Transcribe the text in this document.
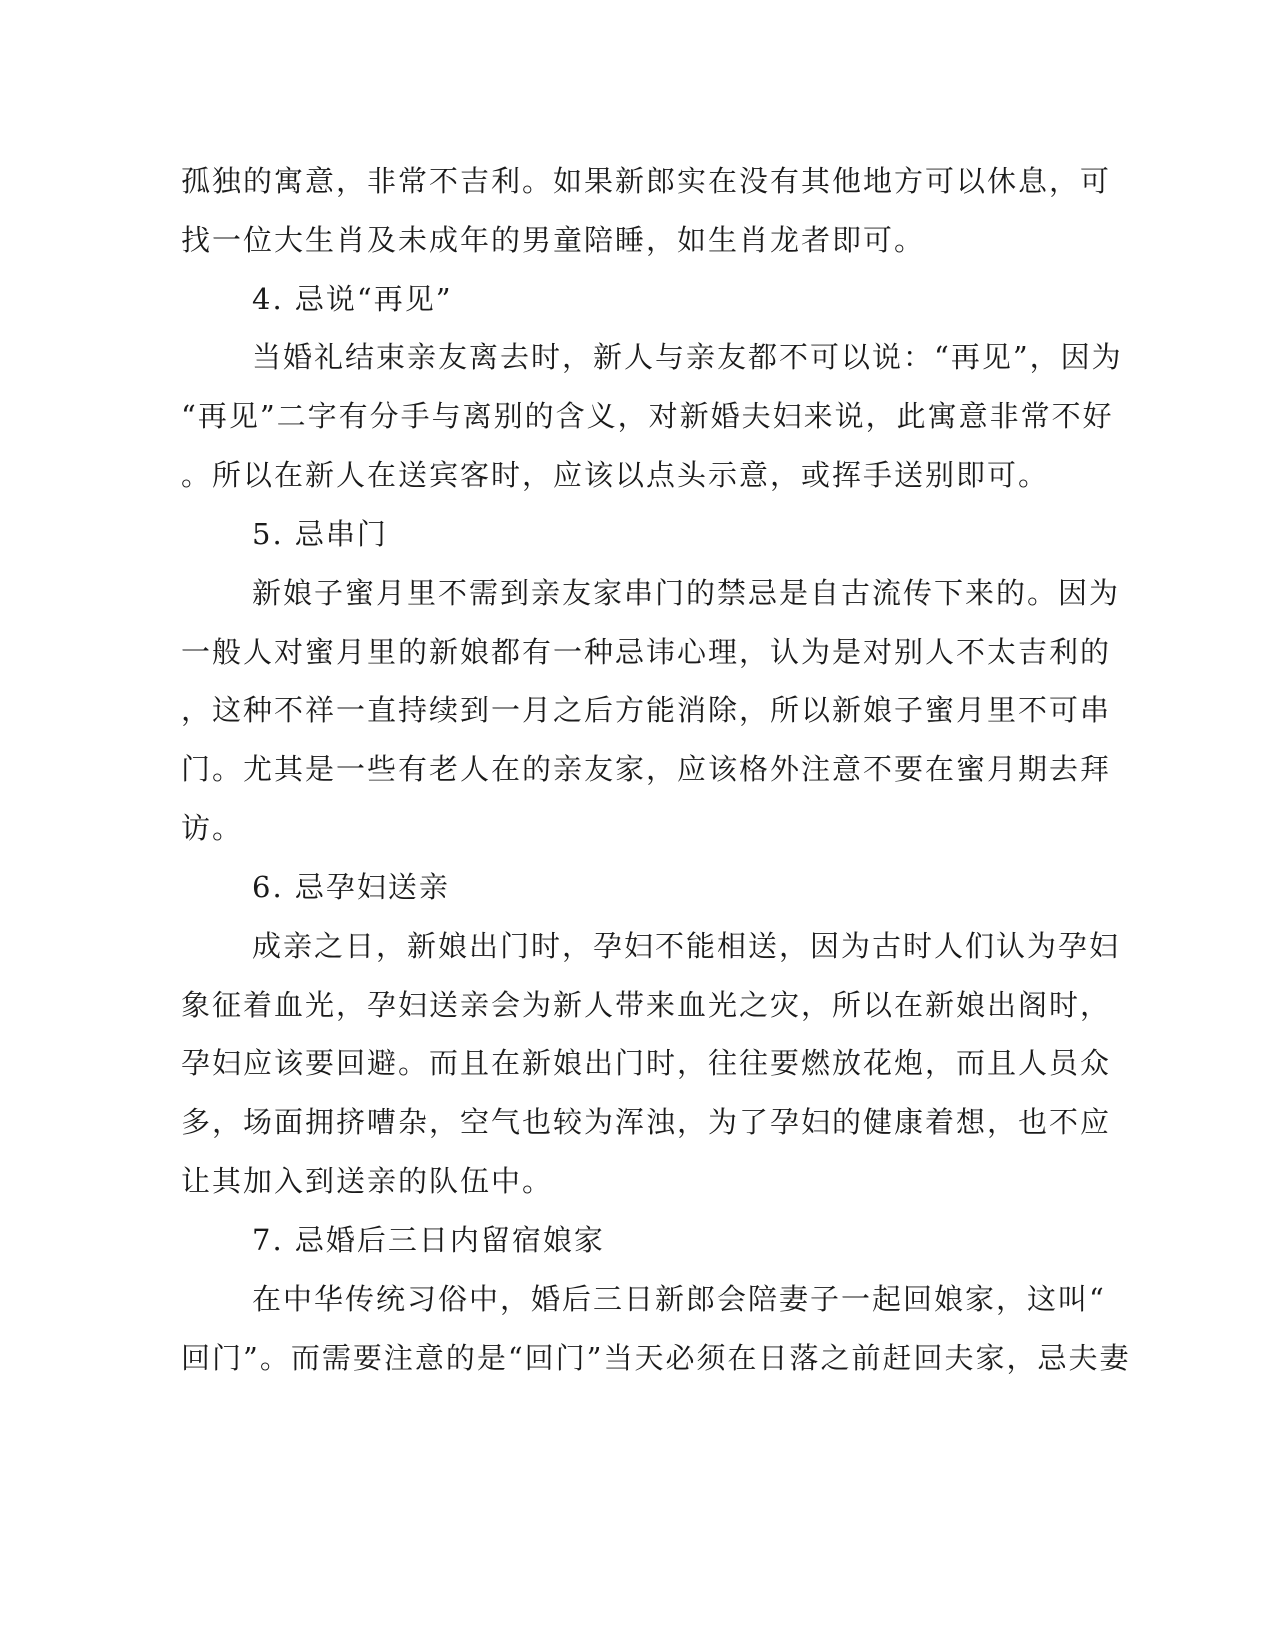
孤独的寓意，非常不吉利。如果新郎实在没有其他地方可以休息，可
找一位大生肖及未成年的男童陪睡，如生肖龙者即可。
4. 忌说“再见”
当婚礼结束亲友离去时，新人与亲友都不可以说：“再见”，因为
“再见”二字有分手与离别的含义，对新婚夫妇来说，此寓意非常不好
。所以在新人在送宾客时，应该以点头示意，或挥手送别即可。
5. 忌串门
新娘子蜜月里不需到亲友家串门的禁忌是自古流传下来的。因为
一般人对蜜月里的新娘都有一种忌讳心理，认为是对别人不太吉利的
，这种不祥一直持续到一月之后方能消除，所以新娘子蜜月里不可串
门。尤其是一些有老人在的亲友家，应该格外注意不要在蜜月期去拜
访。
6. 忌孕妇送亲
成亲之日，新娘出门时，孕妇不能相送，因为古时人们认为孕妇
象征着血光，孕妇送亲会为新人带来血光之灾，所以在新娘出阁时，
孕妇应该要回避。而且在新娘出门时，往往要燃放花炮，而且人员众
多，场面拥挤嘈杂，空气也较为浑浊，为了孕妇的健康着想，也不应
让其加入到送亲的队伍中。
7. 忌婚后三日内留宿娘家
在中华传统习俗中，婚后三日新郎会陪妻子一起回娘家，这叫“
回门”。而需要注意的是“回门”当天必须在日落之前赶回夫家，忌夫妻
